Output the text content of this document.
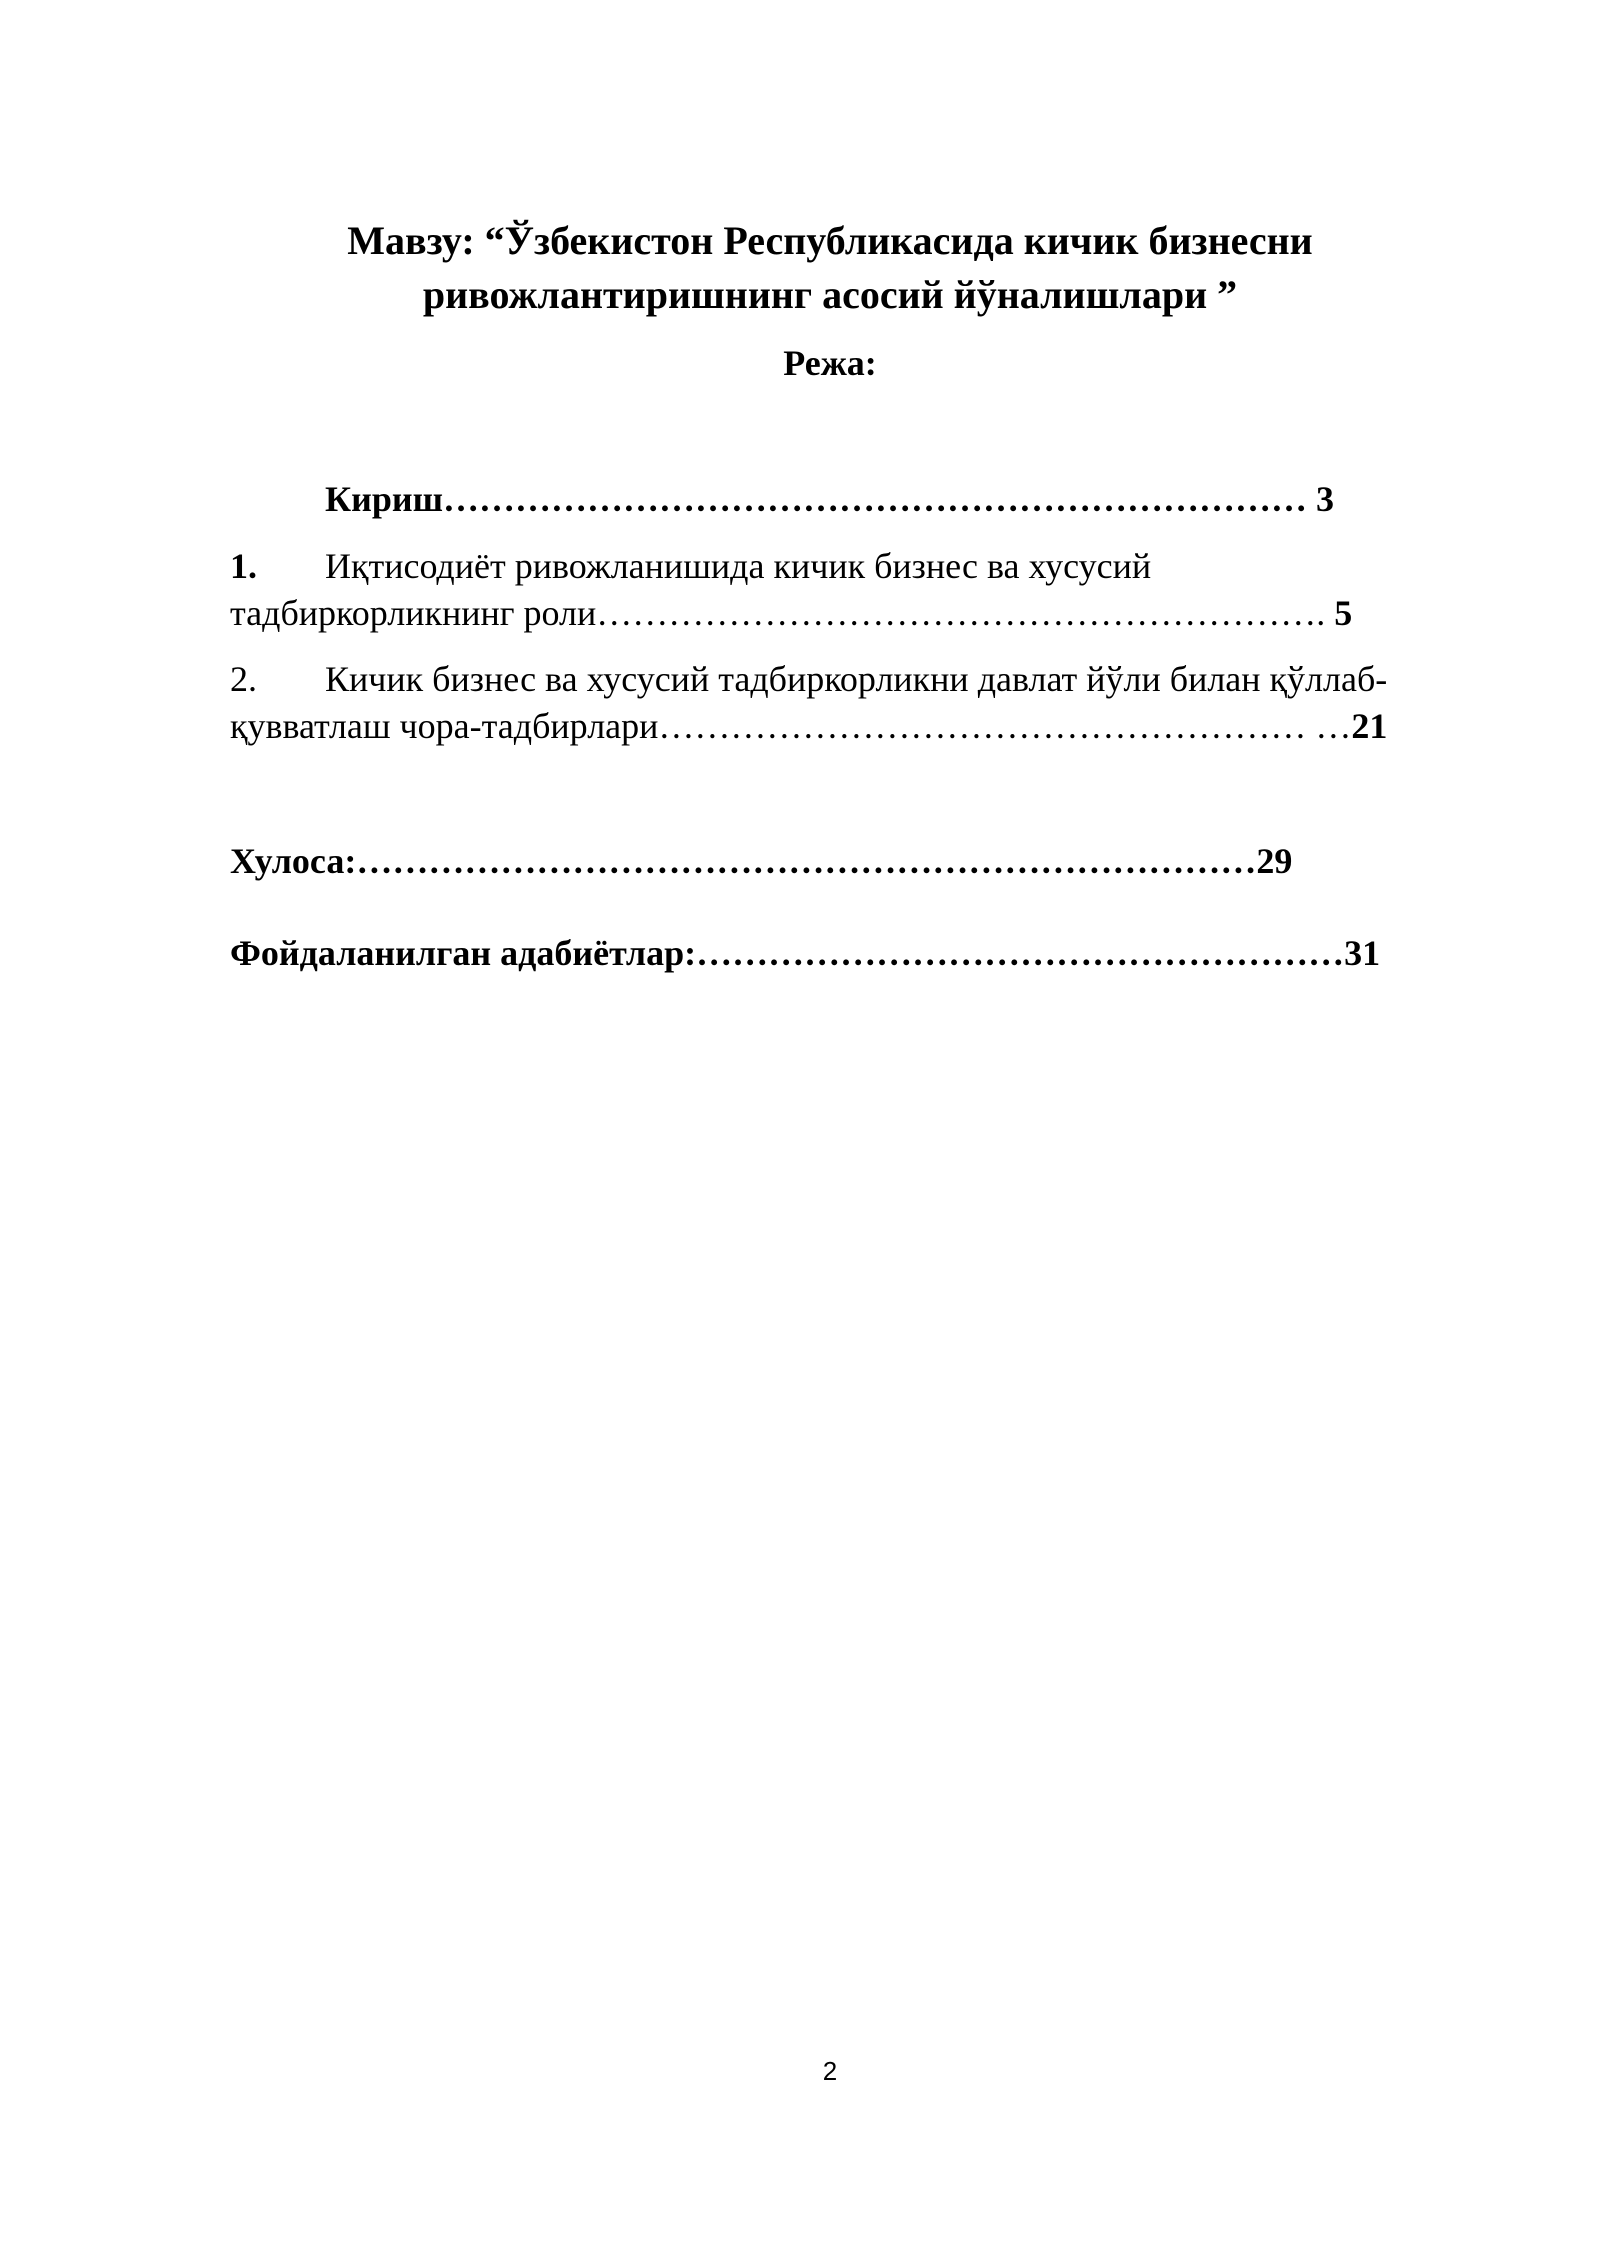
Мавзу: “Ўзбекистон Республикасида кичик бизнесни
ривожлантиришнинг асосий йўналишлари ”
Режа:
Кириш……………………………………………………………… 3
1. Иқтисодиёт ривожланишида кичик бизнес ва хусусий
тадбиркорликнинг роли……………………………………………………. 5
2. Кичик бизнес ва хусусий тадбиркорликни давлат йўли билан қўллаб-
қувватлаш чора-тадбирлари……………………………………………… …21
Хулоса:…………………………………………………………………29
Фойдаланилган адабиётлар:………………………………………………31
2
